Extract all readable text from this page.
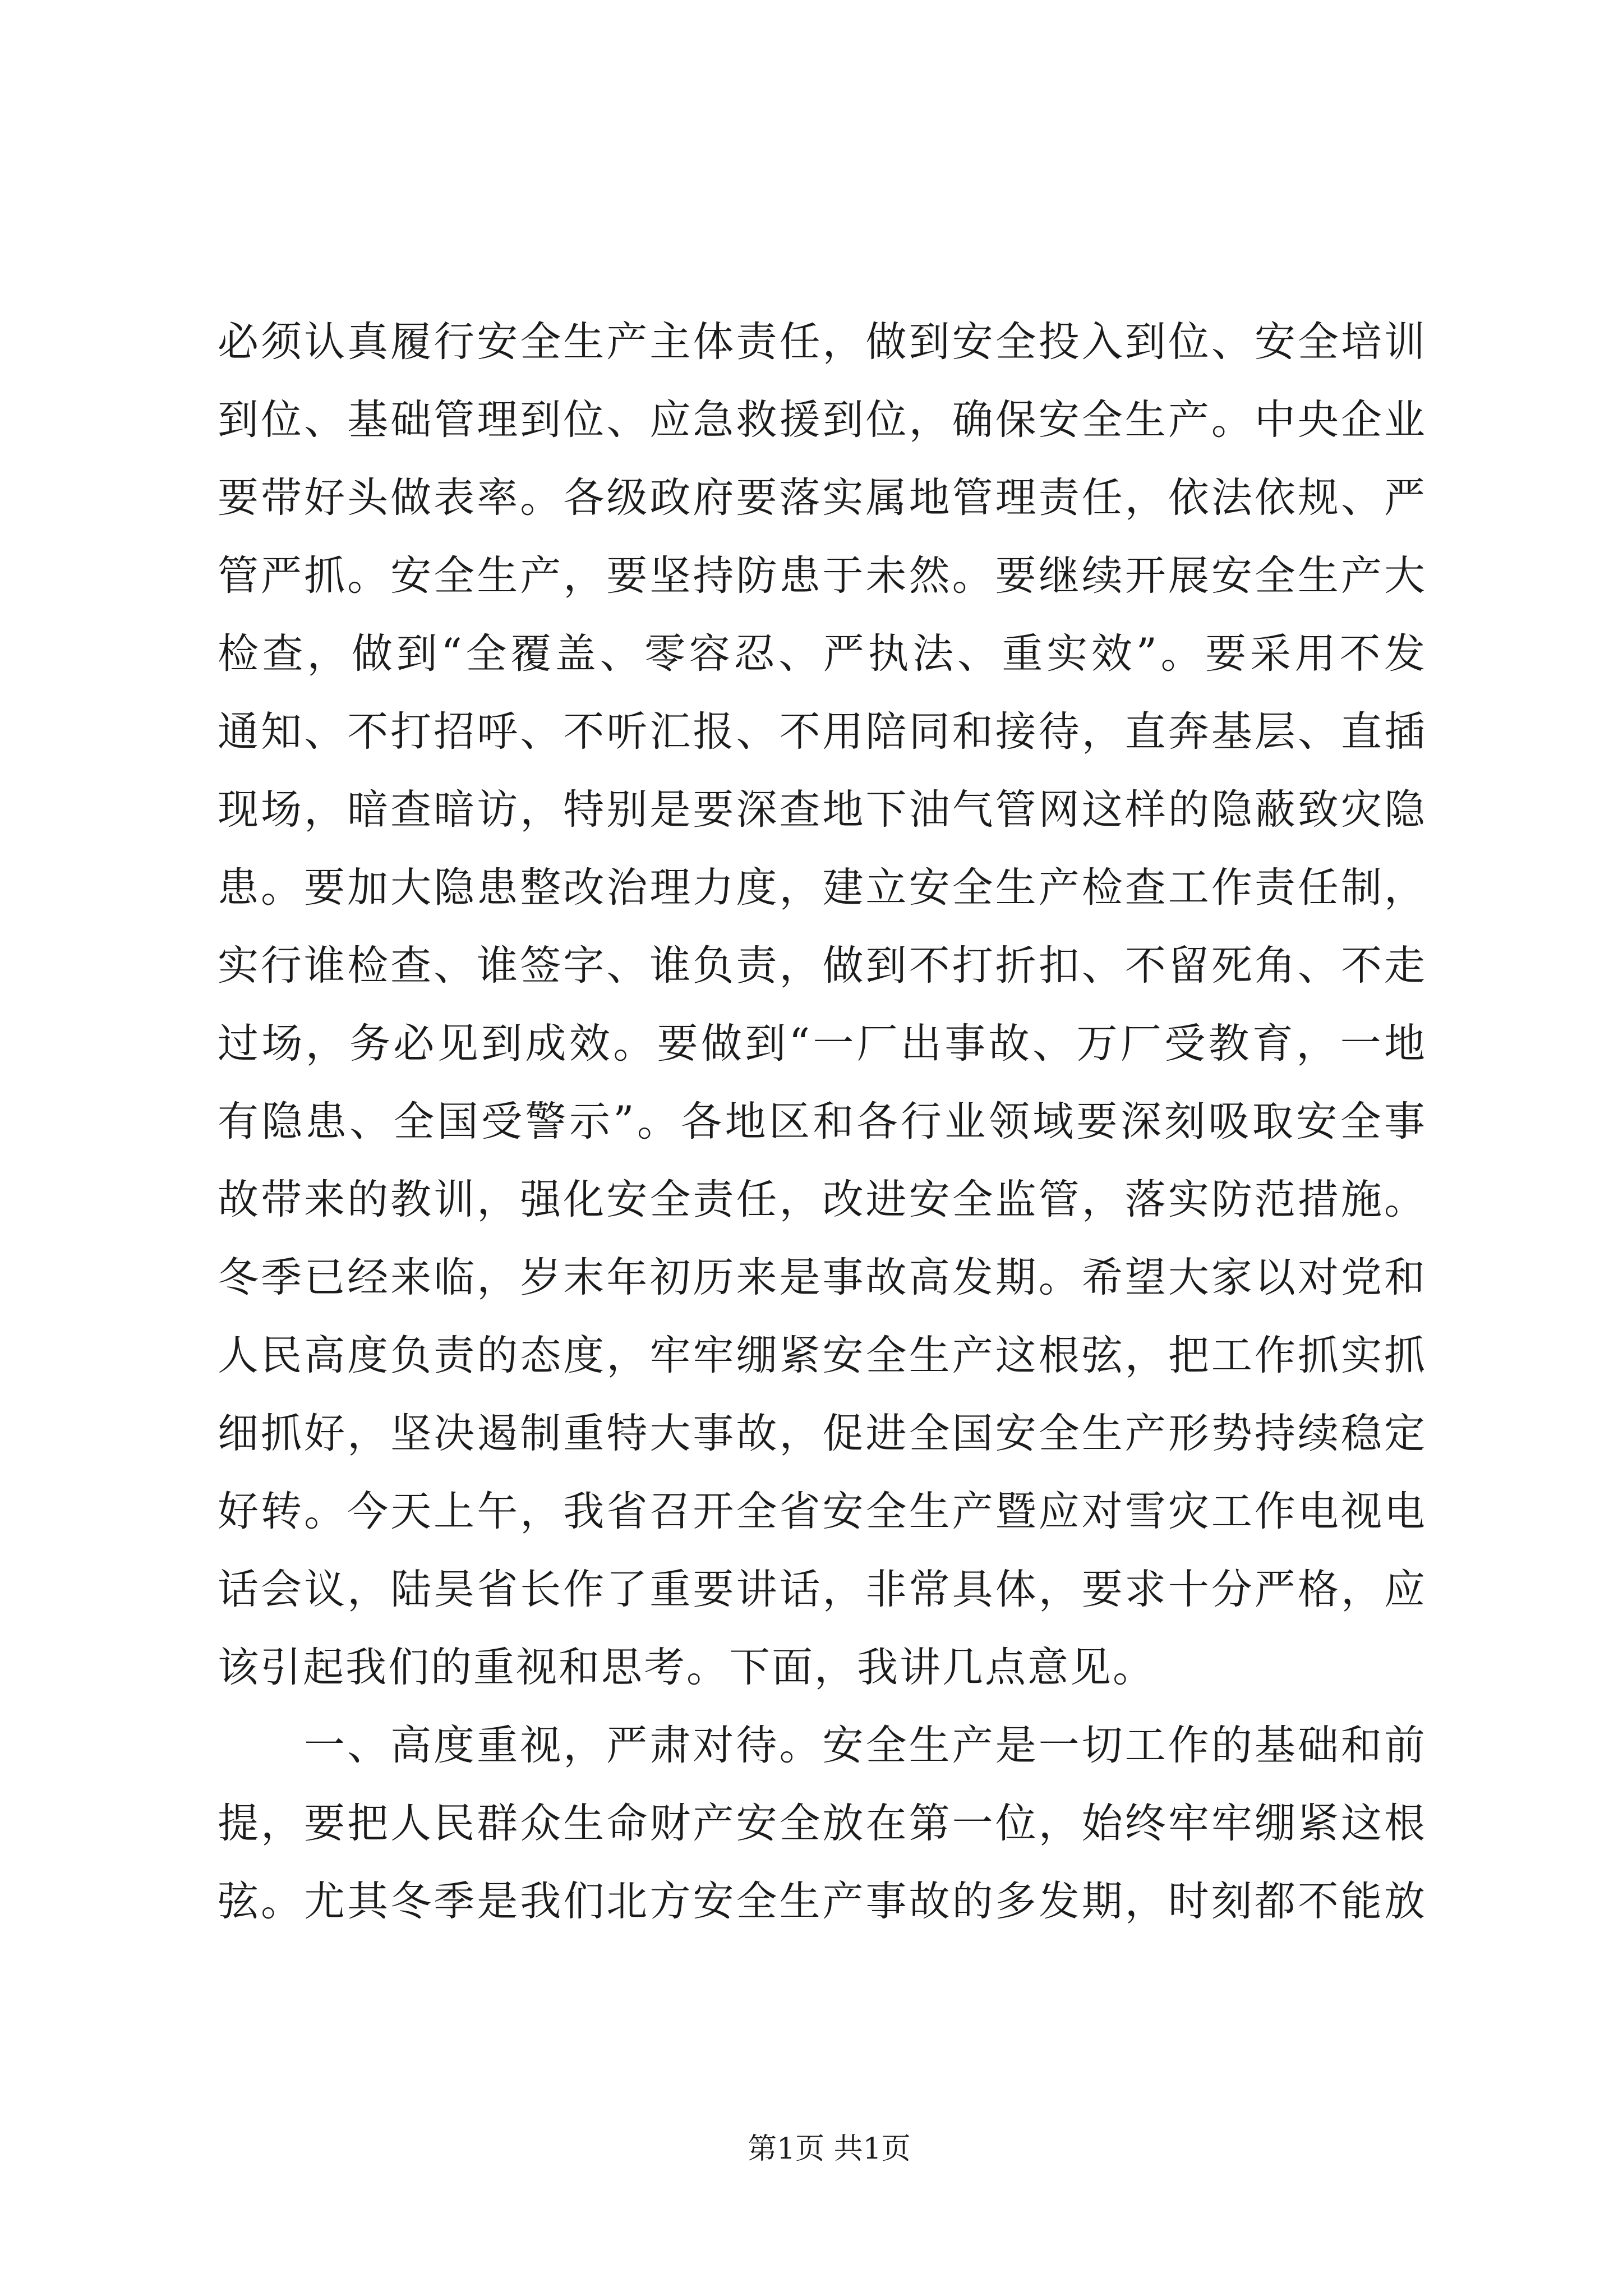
必须认真履行安全生产主体责任，做到安全投入到位、安全培训
到位、基础管理到位、应急救援到位，确保安全生产。中央企业
要带好头做表率。各级政府要落实属地管理责任，依法依规、严
管严抓。安全生产，要坚持防患于未然。要继续开展安全生产大
检查，做到“全覆盖、零容忍、严执法、重实效”。要采用不发
通知、不打招呼、不听汇报、不用陪同和接待，直奔基层、直插
现场，暗查暗访，特别是要深查地下油气管网这样的隐蔽致灾隐
患。要加大隐患整改治理力度，建立安全生产检查工作责任制，
实行谁检查、谁签字、谁负责，做到不打折扣、不留死角、不走
过场，务必见到成效。要做到“一厂出事故、万厂受教育，一地
有隐患、全国受警示”。各地区和各行业领域要深刻吸取安全事
故带来的教训，强化安全责任，改进安全监管，落实防范措施。
冬季已经来临，岁末年初历来是事故高发期。希望大家以对党和
人民高度负责的态度，牢牢绷紧安全生产这根弦，把工作抓实抓
细抓好，坚决遏制重特大事故，促进全国安全生产形势持续稳定
好转。今天上午，我省召开全省安全生产暨应对雪灾工作电视电
话会议，陆昊省长作了重要讲话，非常具体，要求十分严格，应
该引起我们的重视和思考。下面，我讲几点意见。
一、高度重视，严肃对待。安全生产是一切工作的基础和前
提，要把人民群众生命财产安全放在第一位，始终牢牢绷紧这根
弦。尤其冬季是我们北方安全生产事故的多发期，时刻都不能放
第1页 共1页
